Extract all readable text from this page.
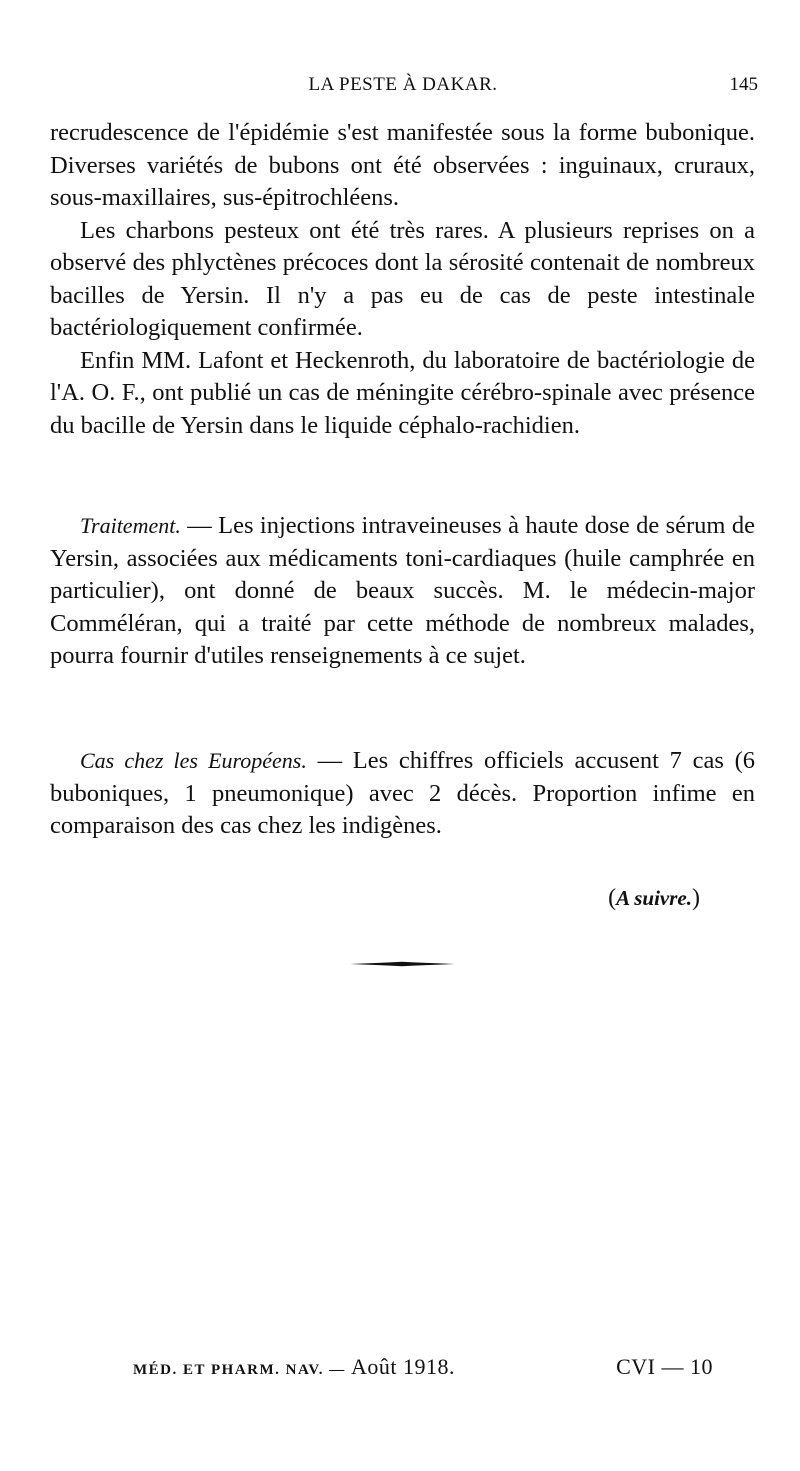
LA PESTE À DAKAR.	145

recrudescence de l'épidémie s'est manifestée sous la forme bubonique. Diverses variétés de bubons ont été observées : inguinaux, cruraux, sous-maxillaires, sus-épitrochléens.

Les charbons pesteux ont été très rares. A plusieurs reprises on a observé des phlyctènes précoces dont la sérosité contenait de nombreux bacilles de Yersin. Il n'y a pas eu de cas de peste intestinale bactériologiquement confirmée.

Enfin MM. Lafont et Heckenroth, du laboratoire de bactériologie de l'A. O. F., ont publié un cas de méningite cérébro-spinale avec présence du bacille de Yersin dans le liquide céphalo-rachidien.

Traitement. — Les injections intraveineuses à haute dose de sérum de Yersin, associées aux médicaments toni-cardiaques (huile camphrée en particulier), ont donné de beaux succès. M. le médecin-major Comméléran, qui a traité par cette méthode de nombreux malades, pourra fournir d'utiles renseignements à ce sujet.

Cas chez les Européens. — Les chiffres officiels accusent 7 cas (6 buboniques, 1 pneumonique) avec 2 décès. Proportion infime en comparaison des cas chez les indigènes.

(A suivre.)
MÉD. ET PHARM. NAV. — Août 1918.	CVI — 10
